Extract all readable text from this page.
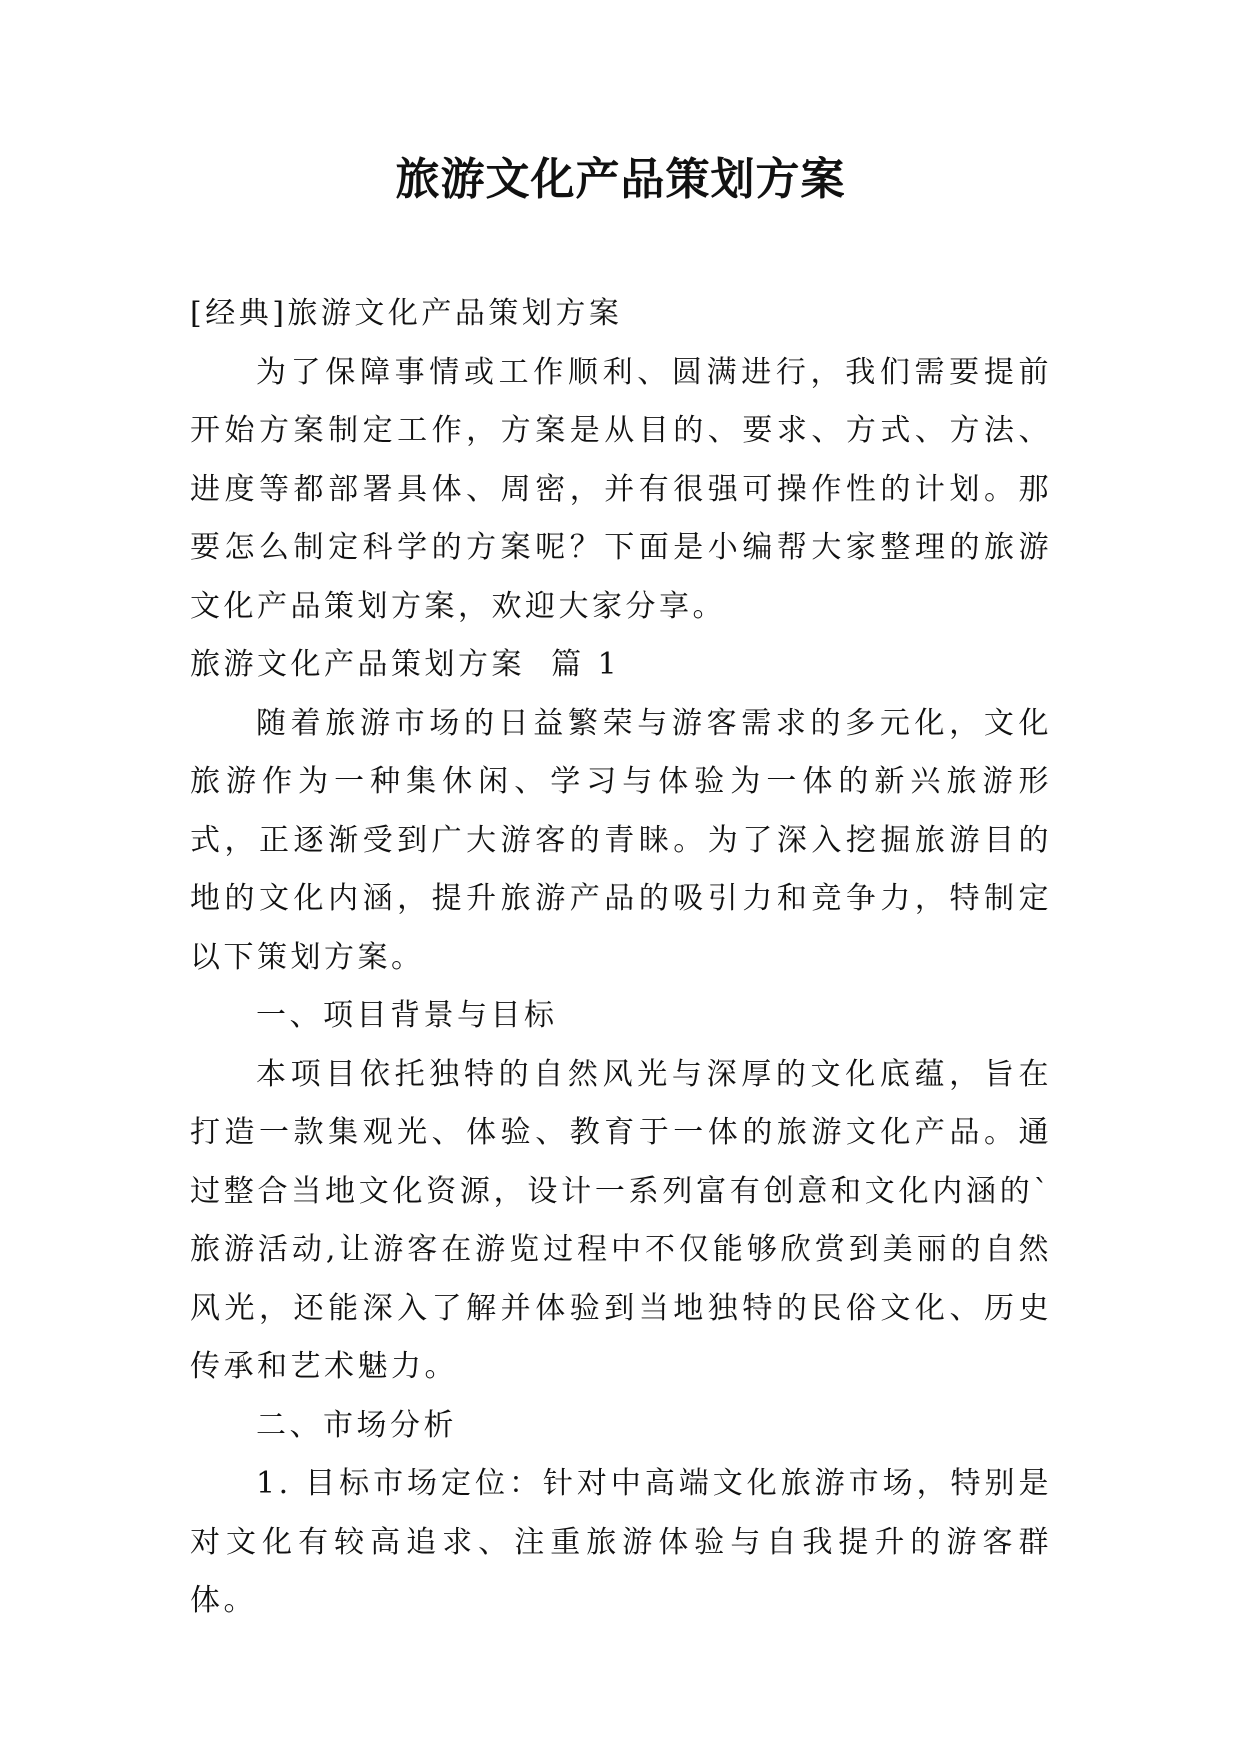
旅游文化产品策划方案

[经典]旅游文化产品策划方案

为了保障事情或工作顺利、圆满进行，我们需要提前开始方案制定工作，方案是从目的、要求、方式、方法、进度等都部署具体、周密，并有很强可操作性的计划。那要怎么制定科学的方案呢？下面是小编帮大家整理的旅游文化产品策划方案，欢迎大家分享。

旅游文化产品策划方案  篇 1

随着旅游市场的日益繁荣与游客需求的多元化，文化旅游作为一种集休闲、学习与体验为一体的新兴旅游形式，正逐渐受到广大游客的青睐。为了深入挖掘旅游目的地的文化内涵，提升旅游产品的吸引力和竞争力，特制定以下策划方案。

一、项目背景与目标

本项目依托独特的自然风光与深厚的文化底蕴，旨在打造一款集观光、体验、教育于一体的旅游文化产品。通过整合当地文化资源，设计一系列富有创意和文化内涵的`旅游活动,让游客在游览过程中不仅能够欣赏到美丽的自然风光，还能深入了解并体验到当地独特的民俗文化、历史传承和艺术魅力。

二、市场分析

1. 目标市场定位：针对中高端文化旅游市场，特别是对文化有较高追求、注重旅游体验与自我提升的游客群体。
